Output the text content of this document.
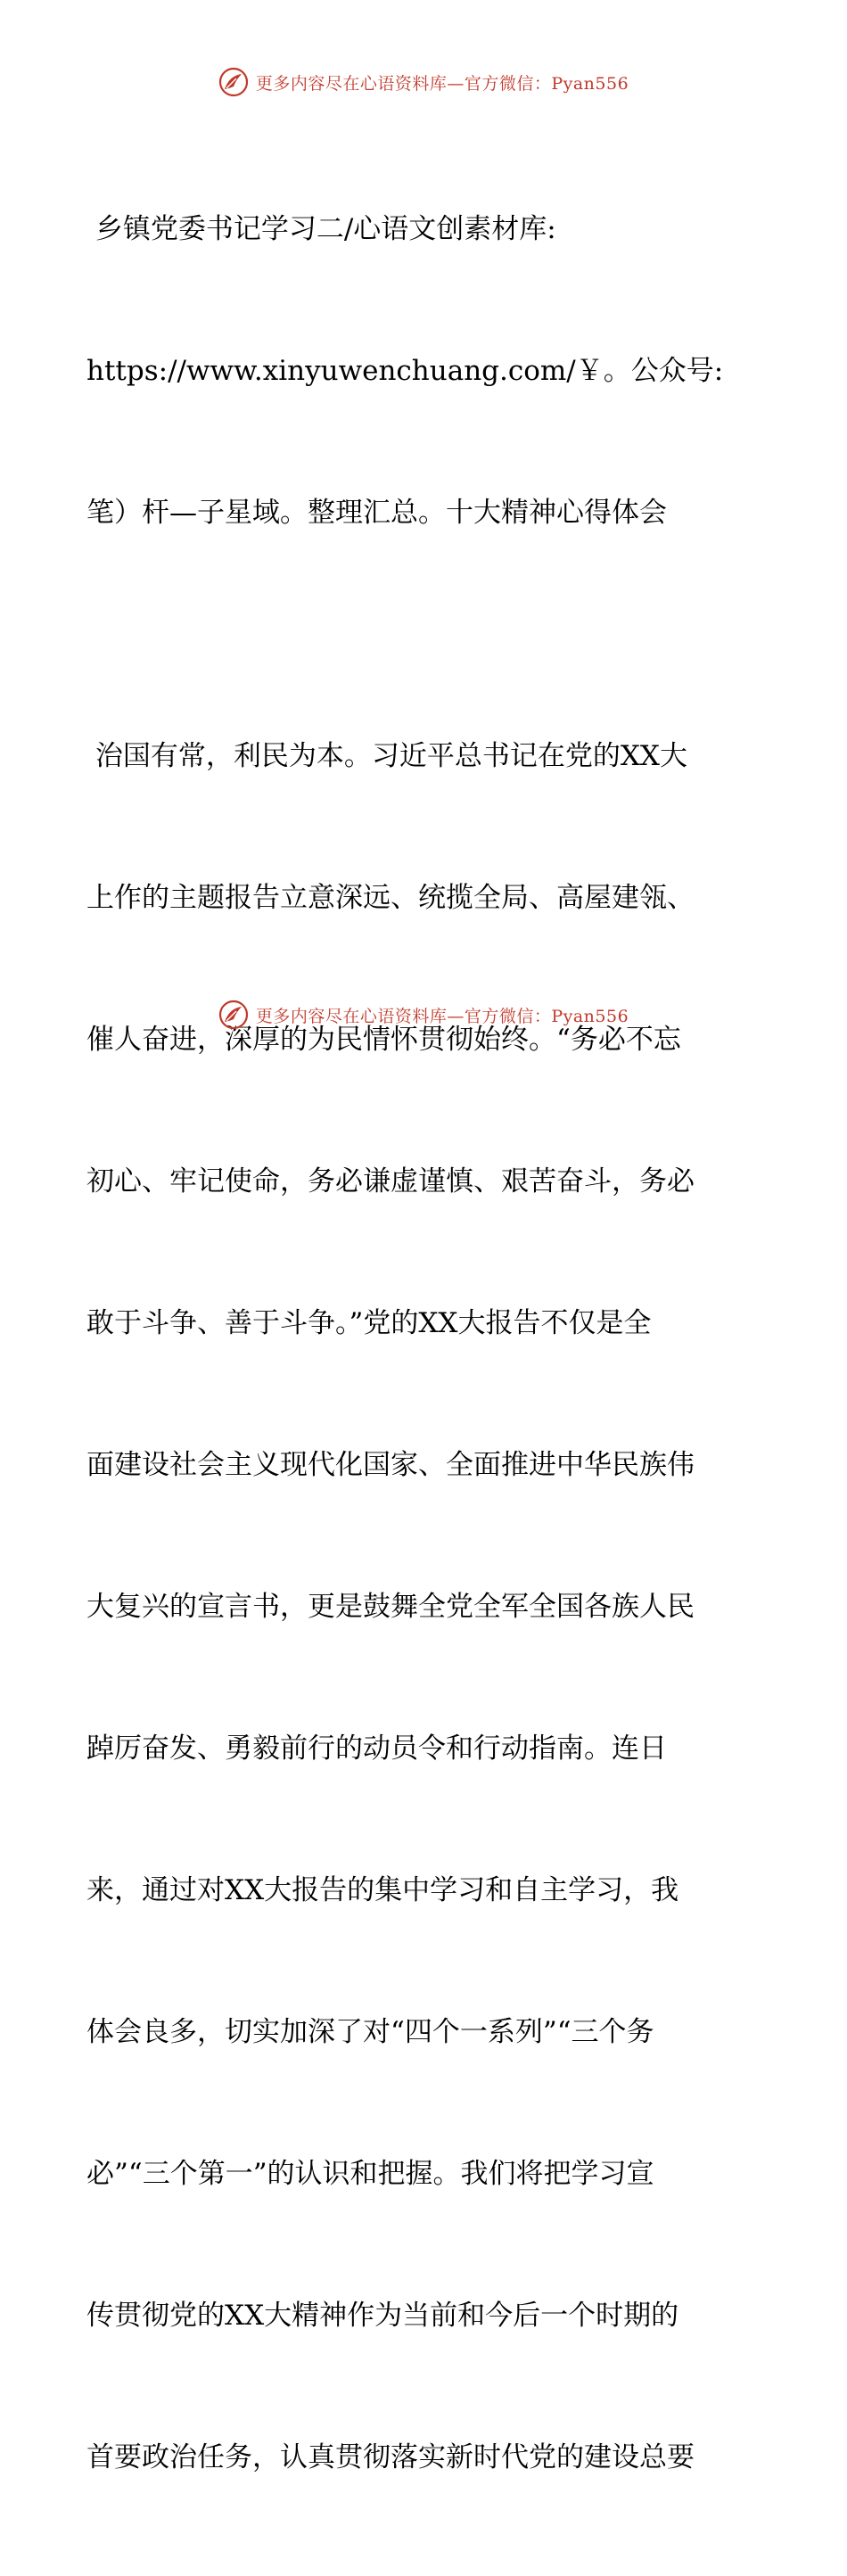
更多内容尽在心语资料库—官方微信：Pyan556

乡镇党委书记学习二/心语文创素材库:

https://www.xinyuwenchuang.com/￥。公众号:

笔）杆—子星域。整理汇总。十大精神心得体会

治国有常，利民为本。习近平总书记在党的XX大

上作的主题报告立意深远、统揽全局、高屋建瓴、

催人奋进，深厚的为民情怀贯彻始终。“务必不忘

初心、牢记使命，务必谦虚谨慎、艰苦奋斗，务必

敢于斗争、善于斗争。”党的XX大报告不仅是全

面建设社会主义现代化国家、全面推进中华民族伟

大复兴的宣言书，更是鼓舞全党全军全国各族人民

踔厉奋发、勇毅前行的动员令和行动指南。连日

来，通过对XX大报告的集中学习和自主学习，我

体会良多，切实加深了对“四个一系列”“三个务

必”“三个第一”的认识和把握。我们将把学习宣

传贯彻党的XX大精神作为当前和今后一个时期的

首要政治任务，认真贯彻落实新时代党的建设总要

更多内容尽在心语资料库—官方微信：Pyan556
